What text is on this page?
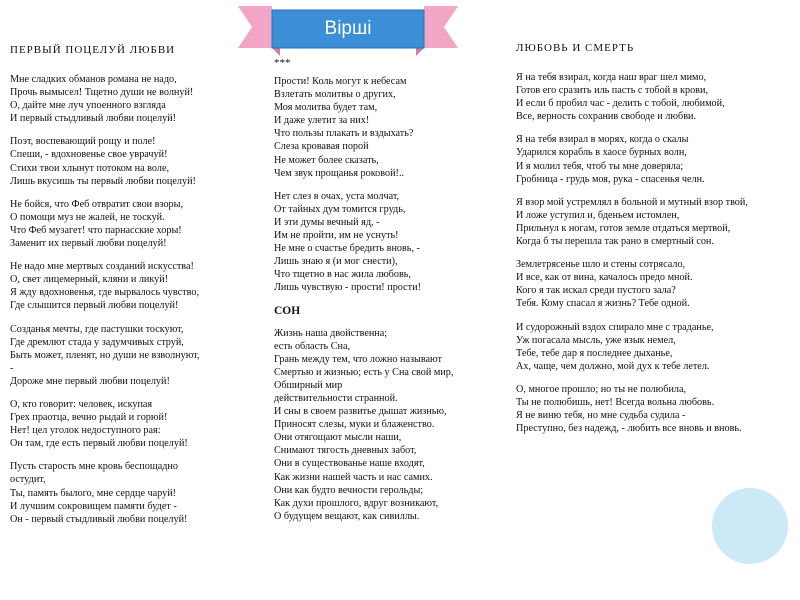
Вірші
ПЕРВЫЙ ПОЦЕЛУЙ ЛЮБВИ
Мне сладких обманов романа не надо,
Прочь вымысел! Тщетно души не волнуй!
О, дайте мне луч упоенного взгляда
И первый стыдливый любви поцелуй!
Поэт, воспевающий рощу и поле!
Спеши, - вдохновенье свое уврачуй!
Стихи твои хлынут потоком на воле,
Лишь вкусишь ты первый любви поцелуй!
Не бойся, что Феб отвратит свои взоры,
О помощи муз не жалей, не тоскуй.
Что Феб музагет! что парнасские хоры!
Заменит их первый любви поцелуй!
Не надо мне мертвых созданий искусства!
О, свет лицемерный, кляни и ликуй!
Я жду вдохновенья, где вырвалось чувство,
Где слышится первый любви поцелуй!
Созданья мечты, где пастушки тоскуют,
Где дремлют стада у задумчивых струй,
Быть может, пленят, но души не взволнуют,
-
Дороже мне первый любви поцелуй!
О, кто говорит: человек, искупая
Грех праотца, вечно рыдай и горюй!
Нет! цел уголок недоступного рая:
Он там, где есть первый любви поцелуй!
Пусть старость мне кровь беспощадно
остудит,
Ты, память былого, мне сердце чаруй!
И лучшим сокровищем памяти будет -
Он - первый стыдливый любви поцелуй!
***
Прости! Коль могут к небесам
Взлетать молитвы о других,
Моя молитва будет там,
И даже улетит за них!
Что пользы плакать и вздыхать?
Слеза кровавая порой
Не может более сказать,
Чем звук прощанья роковой!..
Нет слез в очах, уста молчат,
От тайных дум томится грудь,
И эти думы вечный яд, -
Им не пройти, им не уснуть!
Не мне о счастье бредить вновь, -
Лишь знаю я (и мог снести),
Что тщетно в нас жила любовь,
Лишь чувствую - прости! прости!
СОН
Жизнь наша двойственна;
есть область Сна,
Грань между тем, что ложно называют
Смертью и жизнью; есть у Сна свой мир,
Обширный мир
действительности странной.
И сны в своем развитье дышат жизнью,
Приносят слезы, муки и блаженство.
Они отягощают мысли наши,
Снимают тягость дневных забот,
Они в существованье наше входят,
Как жизни нашей часть и нас самих.
Они как будто вечности герольды;
Как духи прошлого, вдруг возникают,
О будущем вещают, как сивиллы.
ЛЮБОВЬ И СМЕРТЬ
Я на тебя взирал, когда наш враг шел мимо,
Готов его сразить иль пасть с тобой в крови,
И если б пробил час - делить с тобой, любимой,
Все, верность сохранив свободе и любви.
Я на тебя взирал в морях, когда о скалы
Ударился корабль в хаосе бурных волн,
И я молил тебя, чтоб ты мне доверяла;
Гробница - грудь моя, рука - спасенья челн.
Я взор мой устремлял в больной и мутный взор твой,
И ложе уступил и, бденьем истомлен,
Прильнул к ногам, готов земле отдаться мертвой,
Когда б ты перешла так рано в смертный сон.
Землетрясенье шло и стены сотрясало,
И все, как от вина, качалось предо мной.
Кого я так искал среди пустого зала?
Тебя. Кому спасал я жизнь? Тебе одной.
И судорожный вздох спирало мне с траданье,
Уж погасала мысль, уже язык немел,
Тебе, тебе дар я последнее дыханье,
Ах, чаще, чем должно, мой дух к тебе летел.
О, многое прошло; но ты не полюбила,
Ты не полюбишь, нет! Всегда вольна любовь.
Я не виню тебя, но мне судьба судила -
Преступно, без надежд, - любить все вновь и вновь.
